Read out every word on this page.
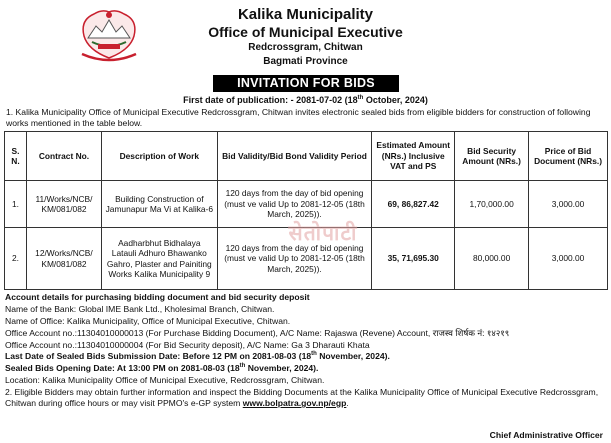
Kalika Municipality
Office of Municipal Executive
Redcrossgram, Chitwan
Bagmati Province
INVITATION FOR BIDS
First date of publication: - 2081-07-02 (18th October, 2024)
1. Kalika Municipality Office of Municipal Executive Redcrossgram, Chitwan invites electronic sealed bids from eligible bidders for construction of following works mentioned in the table below.
S. N.	Contract No.	Description of Work	Bid Validity/Bid Bond Validity Period	Estimated Amount (NRs.) Inclusive VAT and PS	Bid Security Amount (NRs.)	Price of Bid Document (NRs.)
1.	11/Works/NCB/ KM/081/082	Building Construction of Jamunapur Ma Vi at Kalika-6	120 days from the day of bid opening (must ve valid Up to 2081-12-05 (18th March, 2025)).	69, 86,827.42	1,70,000.00	3,000.00
2.	12/Works/NCB/ KM/081/082	Aadharbhut Bidhalaya Latauli Adhuro Bhawanko Gahro, Plaster and Painiting Works Kalika Municipality 9	120 days from the day of bid opening (must ve valid Up to 2081-12-05 (18th March, 2025)).	35, 71,695.30	80,000.00	3,000.00
सेतोपाटी
Account details for purchasing bidding document and bid security deposit
Name of the Bank: Global IME Bank Ltd., Kholesimal Branch, Chitwan.
Name of Office: Kalika Municipality, Office of Municipal Executive, Chitwan.
Office Account no.:11304010000013 (For Purchase Bidding Document), A/C Name: Rajaswa (Revene) Account, राजस्व शिर्षक नं: १४२१९
Office Account no.:11304010000004 (For Bid Security deposit), A/C Name: Ga 3 Dharauti Khata
Last Date of Sealed Bids Submission Date: Before 12 PM on 2081-08-03 (18th November, 2024).
Sealed Bids Opening Date: At 13:00 PM on 2081-08-03 (18th November, 2024).
Location: Kalika Municipality Office of Municipal Executive, Redcrossgram, Chitwan.
2. Eligible Bidders may obtain further information and inspect the Bidding Documents at the Kalika Municipality Office of Municipal Executive Redcrossgram, Chitwan during office hours or may visit PPMO's e-GP system www.bolpatra.gov.np/egp.
Chief Administrative Officer
